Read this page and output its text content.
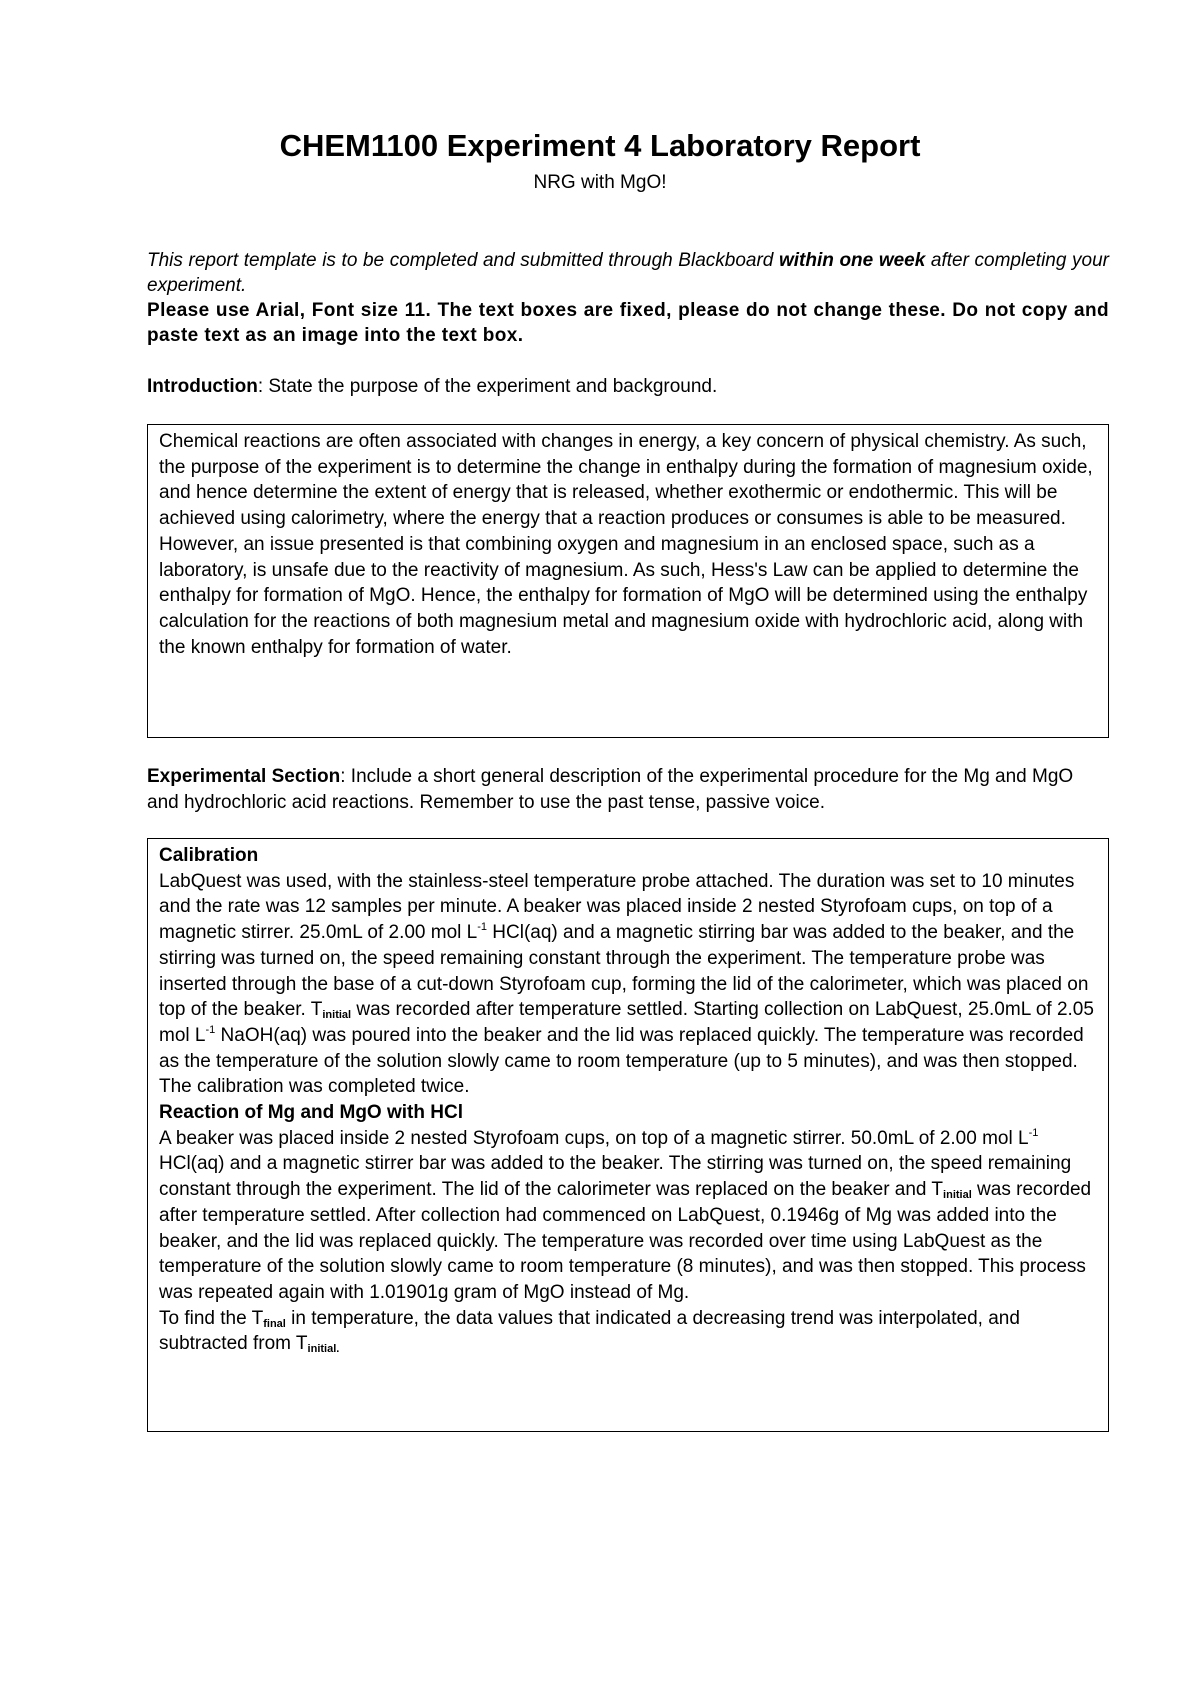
CHEM1100 Experiment 4 Laboratory Report
NRG with MgO!
This report template is to be completed and submitted through Blackboard within one week after completing your experiment.
Please use Arial, Font size 11. The text boxes are fixed, please do not change these. Do not copy and paste text as an image into the text box.
Introduction: State the purpose of the experiment and background.

Chemical reactions are often associated with changes in energy, a key concern of physical chemistry. As such, the purpose of the experiment is to determine the change in enthalpy during the formation of magnesium oxide, and hence determine the extent of energy that is released, whether exothermic or endothermic. This will be achieved using calorimetry, where the energy that a reaction produces or consumes is able to be measured. However, an issue presented is that combining oxygen and magnesium in an enclosed space, such as a laboratory, is unsafe due to the reactivity of magnesium. As such, Hess's Law can be applied to determine the enthalpy for formation of MgO. Hence, the enthalpy for formation of MgO will be determined using the enthalpy calculation for the reactions of both magnesium metal and magnesium oxide with hydrochloric acid, along with the known enthalpy for formation of water.

Experimental Section: Include a short general description of the experimental procedure for the Mg and MgO and hydrochloric acid reactions. Remember to use the past tense, passive voice.

Calibration

LabQuest was used, with the stainless-steel temperature probe attached. The duration was set to 10 minutes and the rate was 12 samples per minute. A beaker was placed inside 2 nested Styrofoam cups, on top of a magnetic stirrer. 25.0mL of 2.00 mol $L^{-1}$ HCl(aq) and a magnetic stirring bar was added to the beaker, and the stirring was turned on, the speed remaining constant through the experiment. The temperature probe was inserted through the base of a cut-down Styrofoam cup, forming the lid of the calorimeter, which was placed on top of the beaker. $T_{initial}$ was recorded after temperature settled. Starting collection on LabQuest, 25.0mL of 2.05 mol $L^{-1}$ NaOH(aq) was poured into the beaker and the lid was replaced quickly. The temperature was recorded as the temperature of the solution slowly came to room temperature (up to 5 minutes), and was then stopped. The calibration was completed twice.

Reaction of Mg and MgO with HCl

A beaker was placed inside 2 nested Styrofoam cups, on top of a magnetic stirrer. 50.0mL of 2.00 mol $L^{-1}$ HCl(aq) and a magnetic stirrer bar was added to the beaker. The stirring was turned on, the speed remaining constant through the experiment. The lid of the calorimeter was replaced on the beaker and $T_{initial}$ was recorded after temperature settled. After collection had commenced on LabQuest, 0.1946g of Mg was added into the beaker, and the lid was replaced quickly. The temperature was recorded over time using LabQuest as the temperature of the solution slowly came to room temperature (8 minutes), and was then stopped. This process was repeated again with 1.01901g gram of MgO instead of Mg.

To find the $T_{final}$ in temperature, the data values that indicated a decreasing trend was interpolated, and subtracted from $T_{initial.}$
